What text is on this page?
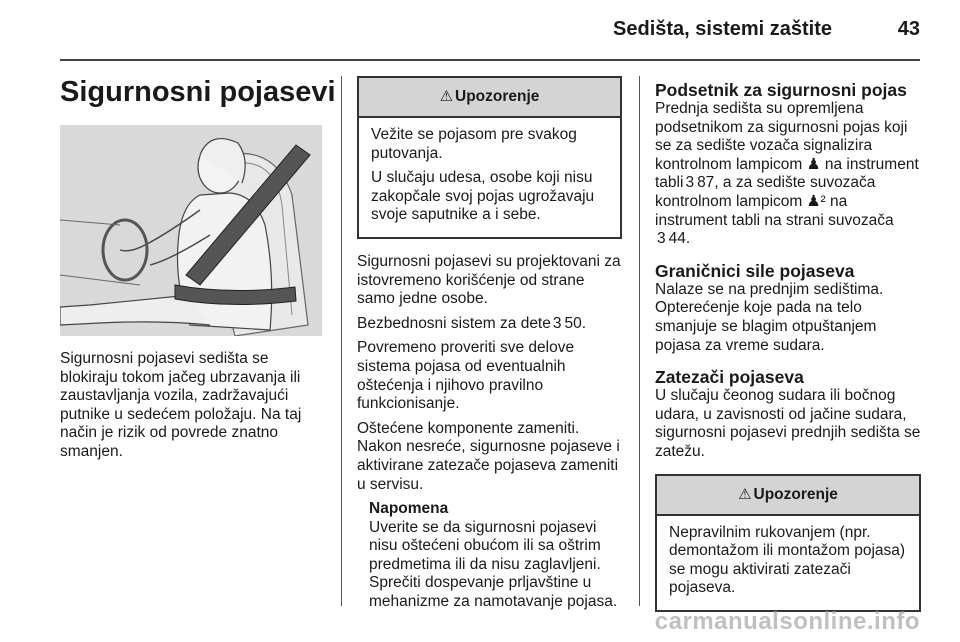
Sedišta, sistemi zaštite	43
Sigurnosni pojasevi

Sigurnosni pojasevi sedišta se blokiraju tokom jačeg ubrzavanja ili zaustavljanja vozila, zadržavajući putnike u sedećem položaju. Na taj način je rizik od povrede znatno smanjen.

⚠ Upozorenje

Vežite se pojasom pre svakog putovanja.

U slučaju udesa, osobe koji nisu zakopčale svoj pojas ugrožavaju svoje saputnike a i sebe.

Sigurnosni pojasevi su projektovani za istovremeno korišćenje od strane samo jedne osobe.

Bezbednosni sistem za dete 3 50.

Povremeno proveriti sve delove sistema pojasa od eventualnih oštećenja i njihovo pravilno funkcionisanje.

Oštećene komponente zameniti. Nakon nesreće, sigurnosne pojaseve i aktivirane zatezače pojaseva zameniti u servisu.

Napomena
Uverite se da sigurnosni pojasevi nisu oštećeni obućom ili sa oštrim predmetima ili da nisu zaglavljeni. Sprečiti dospevanje prljavštine u mehanizme za namotavanje pojasa.
Podsetnik za sigurnosni pojas

Prednja sedišta su opremljena podsetnikom za sigurnosni pojas koji se za sedište vozača signalizira kontrolnom lampicom ♟ na instrument tabli 3 87, a za sedište suvozača kontrolnom lampicom ♟² na instrument tabli na strani suvozača 3 44.

Graničnici sile pojaseva

Nalaze se na prednjim sedištima. Opterećenje koje pada na telo smanjuje se blagim otpuštanjem pojasa za vreme sudara.

Zatezači pojaseva

U slučaju čeonog sudara ili bočnog udara, u zavisnosti od jačine sudara, sigurnosni pojasevi prednjih sedišta se zatežu.

⚠ Upozorenje

Nepravilnim rukovanjem (npr. demontažom ili montažom pojasa) se mogu aktivirati zatezači pojaseva.

carmanualsonline.info
